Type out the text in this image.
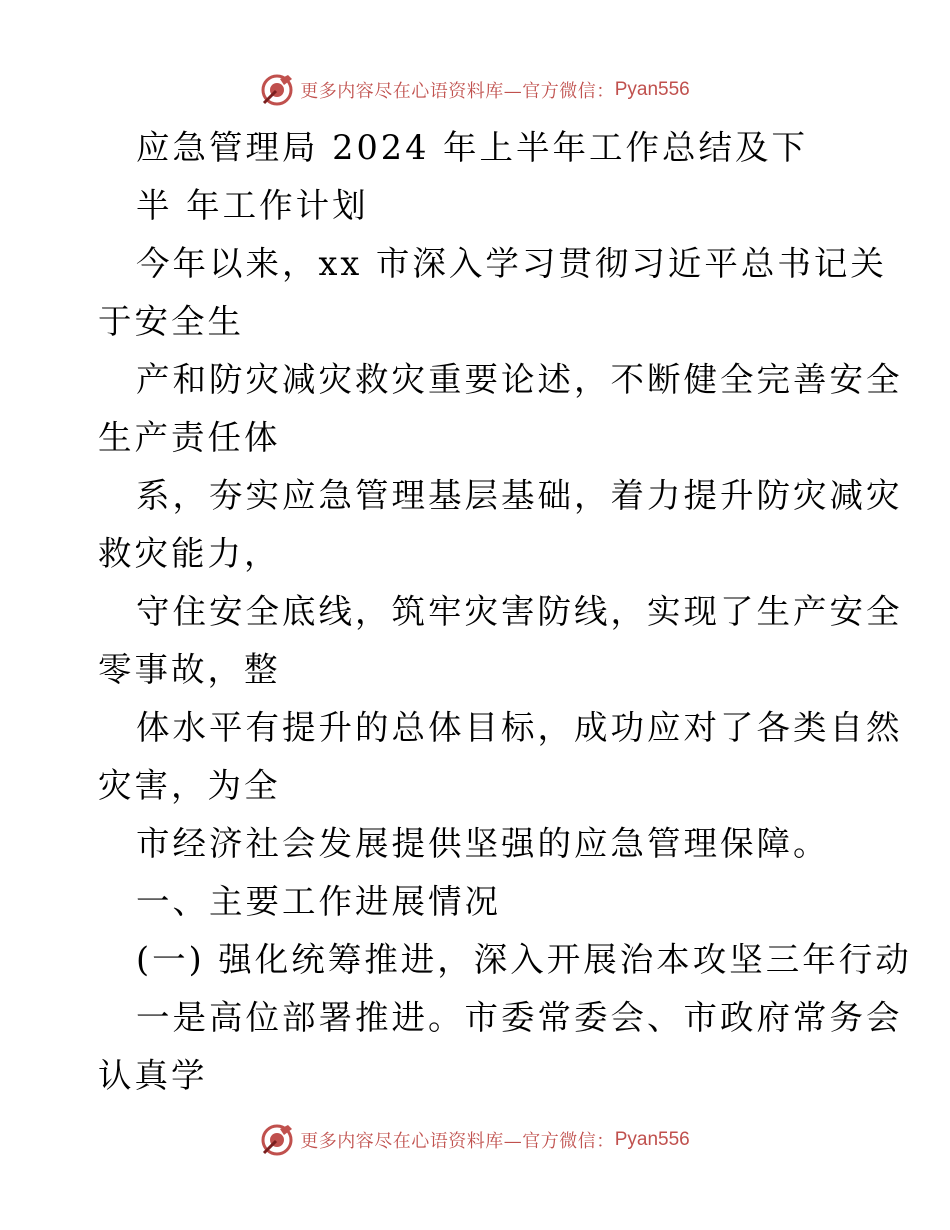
更多内容尽在心语资料库—官方微信： Pyan556
应急管理局 2024 年上半年工作总结及下
半 年工作计划
今年以来，xx 市深入学习贯彻习近平总书记关
于安全生
产和防灾减灾救灾重要论述，不断健全完善安全
生产责任体
系，夯实应急管理基层基础，着力提升防灾减灾
救灾能力，
守住安全底线，筑牢灾害防线，实现了生产安全
零事故，整
体水平有提升的总体目标，成功应对了各类自然
灾害，为全
市经济社会发展提供坚强的应急管理保障。
一、主要工作进展情况
(一) 强化统筹推进，深入开展治本攻坚三年行动
一是高位部署推进。市委常委会、市政府常务会
认真学
更多内容尽在心语资料库—官方微信： Pyan556
